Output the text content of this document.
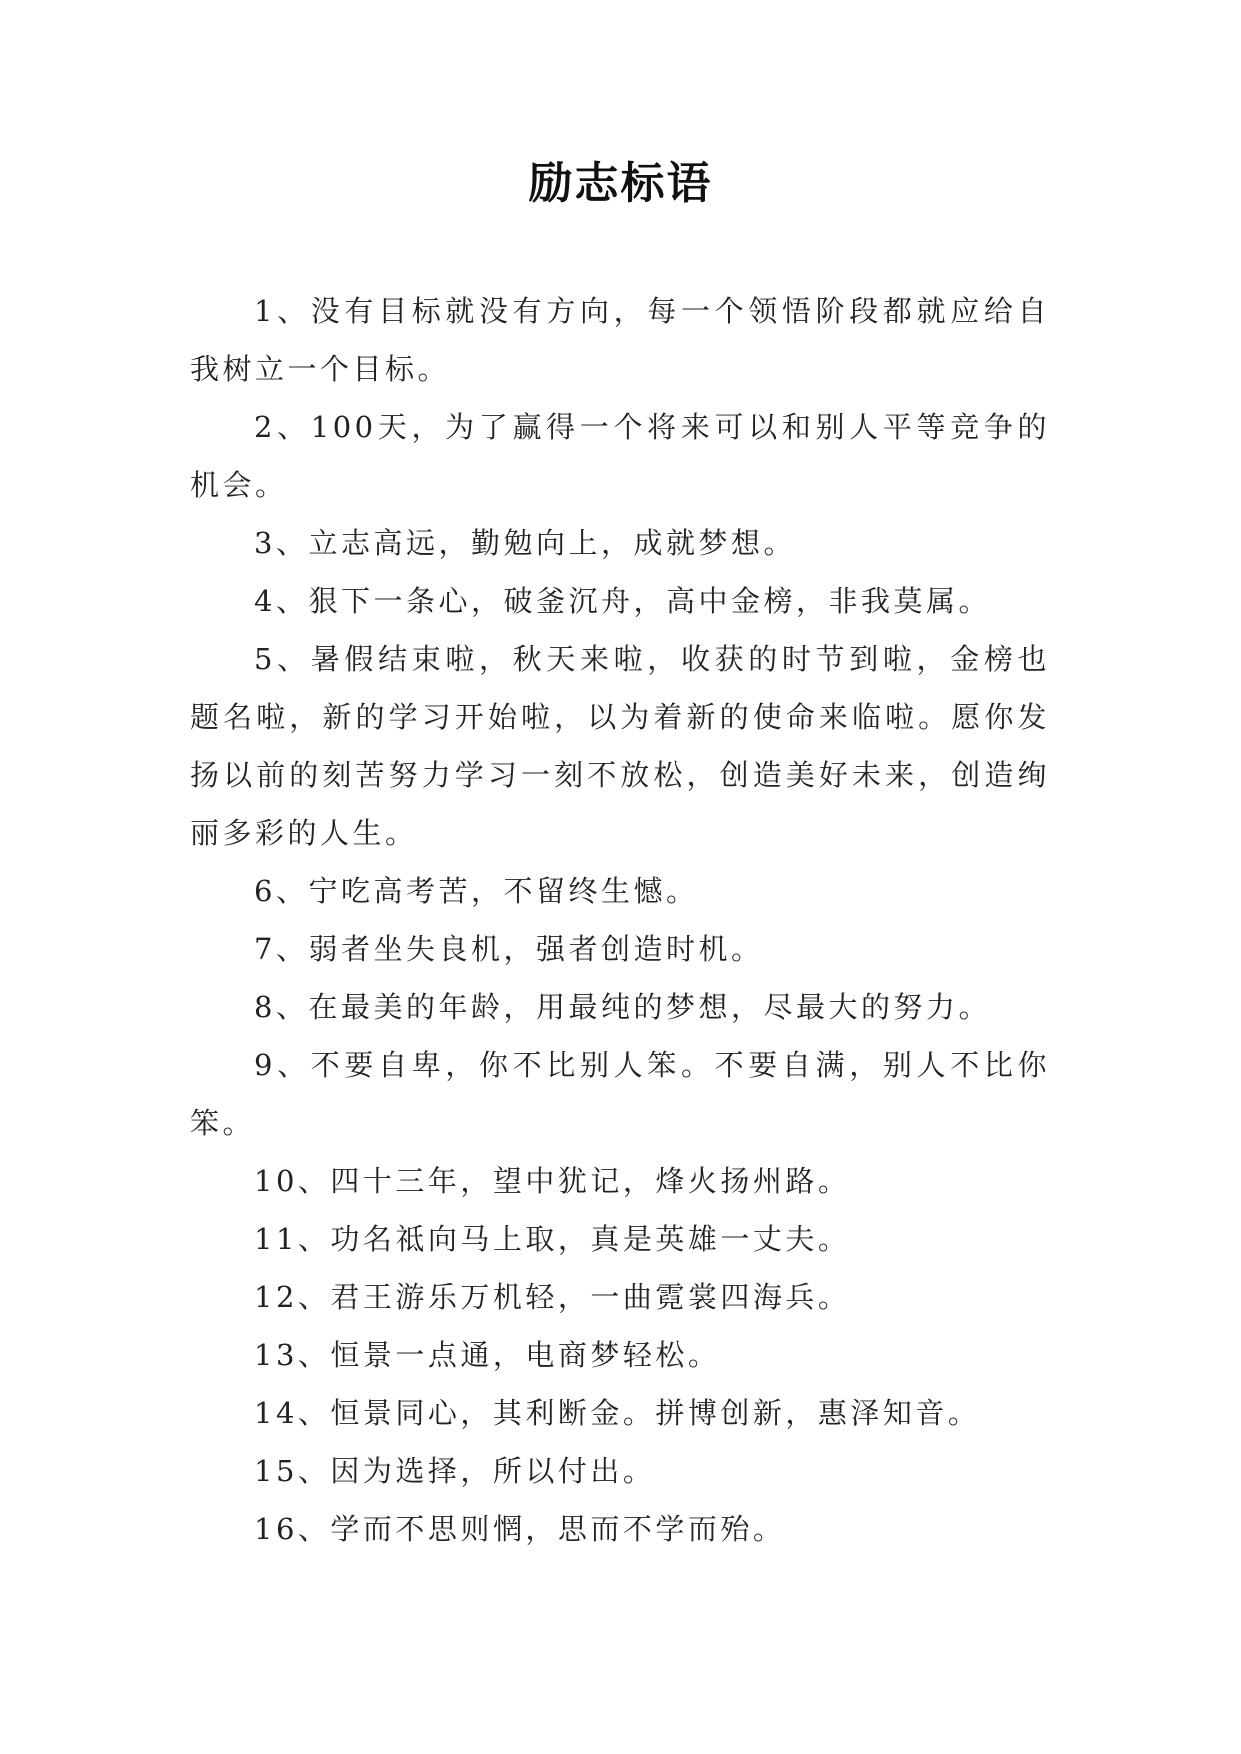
励志标语

1、没有目标就没有方向，每一个领悟阶段都就应给自我树立一个目标。

2、100天，为了赢得一个将来可以和别人平等竞争的机会。

3、立志高远，勤勉向上，成就梦想。

4、狠下一条心，破釜沉舟，高中金榜，非我莫属。

5、暑假结束啦，秋天来啦，收获的时节到啦，金榜也题名啦，新的学习开始啦，以为着新的使命来临啦。愿你发扬以前的刻苦努力学习一刻不放松，创造美好未来，创造绚丽多彩的人生。

6、宁吃高考苦，不留终生憾。

7、弱者坐失良机，强者创造时机。

8、在最美的年龄，用最纯的梦想，尽最大的努力。

9、不要自卑，你不比别人笨。不要自满，别人不比你笨。

10、四十三年，望中犹记，烽火扬州路。

11、功名祗向马上取，真是英雄一丈夫。

12、君王游乐万机轻，一曲霓裳四海兵。

13、恒景一点通，电商梦轻松。

14、恒景同心，其利断金。拼博创新，惠泽知音。

15、因为选择，所以付出。

16、学而不思则惘，思而不学而殆。
